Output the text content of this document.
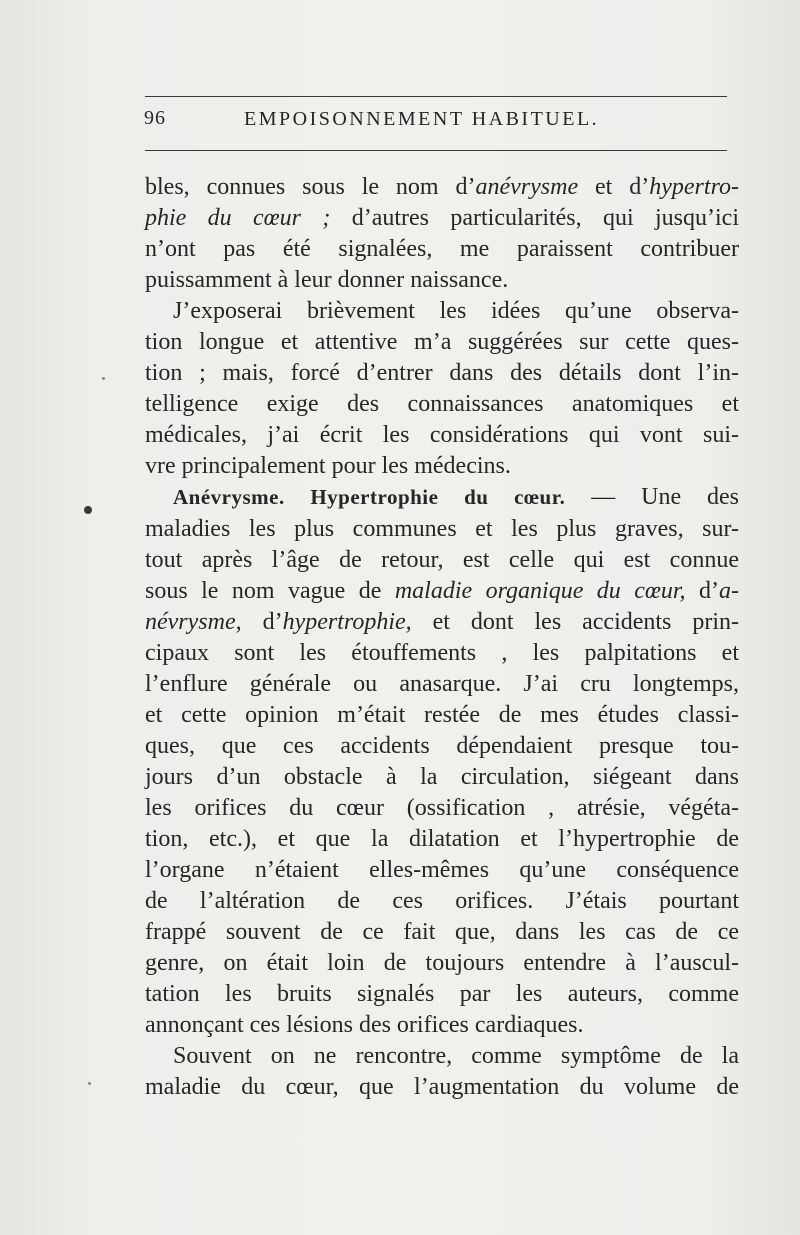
96	EMPOISONNEMENT HABITUEL.
bles, connues sous le nom d’anévrysme et d’hypertro-
phie du cœur ; d’autres particularités, qui jusqu’ici
n’ont pas été signalées, me paraissent contribuer
puissamment à leur donner naissance.
J’exposerai brièvement les idées qu’une observa-
tion longue et attentive m’a suggérées sur cette ques-
tion ; mais, forcé d’entrer dans des détails dont l’in-
telligence exige des connaissances anatomiques et
médicales, j’ai écrit les considérations qui vont sui-
vre principalement pour les médecins.
Anévrysme. Hypertrophie du cœur. — Une des
maladies les plus communes et les plus graves, sur-
tout après l’âge de retour, est celle qui est connue
sous le nom vague de maladie organique du cœur, d’a-
névrysme, d’hypertrophie, et dont les accidents prin-
cipaux sont les étouffements , les palpitations et
l’enflure générale ou anasarque. J’ai cru longtemps,
et cette opinion m’était restée de mes études classi-
ques, que ces accidents dépendaient presque tou-
jours d’un obstacle à la circulation, siégeant dans
les orifices du cœur (ossification , atrésie, végéta-
tion, etc.), et que la dilatation et l’hypertrophie de
l’organe n’étaient elles-mêmes qu’une conséquence
de l’altération de ces orifices. J’étais pourtant
frappé souvent de ce fait que, dans les cas de ce
genre, on était loin de toujours entendre à l’auscul-
tation les bruits signalés par les auteurs, comme
annonçant ces lésions des orifices cardiaques.
Souvent on ne rencontre, comme symptôme de la
maladie du cœur, que l’augmentation du volume de
